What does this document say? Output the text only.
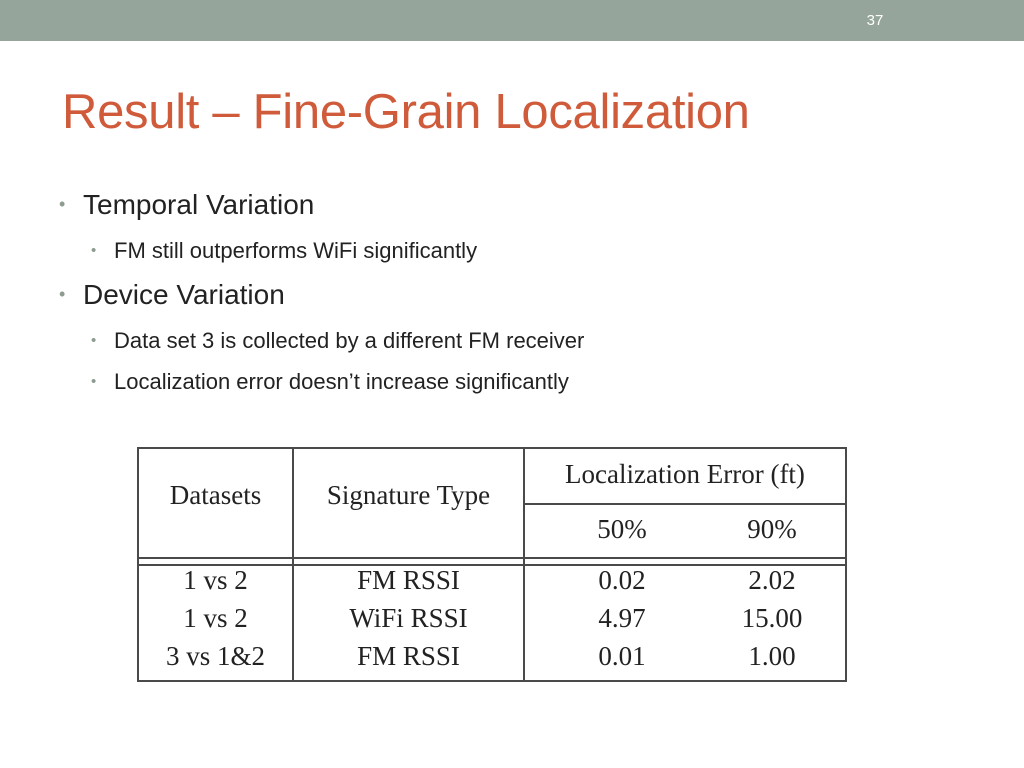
37
Result – Fine-Grain Localization
• Temporal Variation
• FM still outperforms WiFi significantly
• Device Variation
• Data set 3 is collected by a different FM receiver
• Localization error doesn’t increase significantly
Datasets	Signature Type
Localization Error (ft)
50%	90%
1 vs 2	FM RSSI	0.02	2.02
1 vs 2	WiFi RSSI	4.97	15.00
3 vs 1&2	FM RSSI	0.01	1.00
